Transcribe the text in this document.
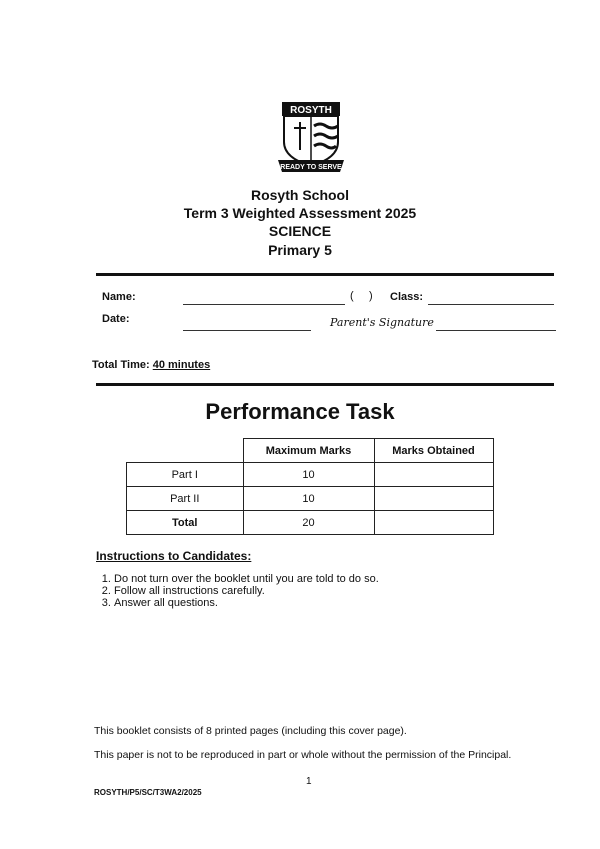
ROSYTH
READY TO SERVE
Rosyth School
Term 3 Weighted Assessment 2025
SCIENCE
Primary 5
Name:	(     ) Class:
Date:	Parent's Signature
Total Time: 40 minutes
Performance Task
	Maximum Marks	Marks Obtained
Part I	10	
Part II	10	
Total	20	
Instructions to Candidates:
1. Do not turn over the booklet until you are told to do so.
2. Follow all instructions carefully.
3. Answer all questions.
This booklet consists of 8 printed pages (including this cover page).
This paper is not to be reproduced in part or whole without the permission of the Principal.
1
ROSYTH/P5/SC/T3WA2/2025
